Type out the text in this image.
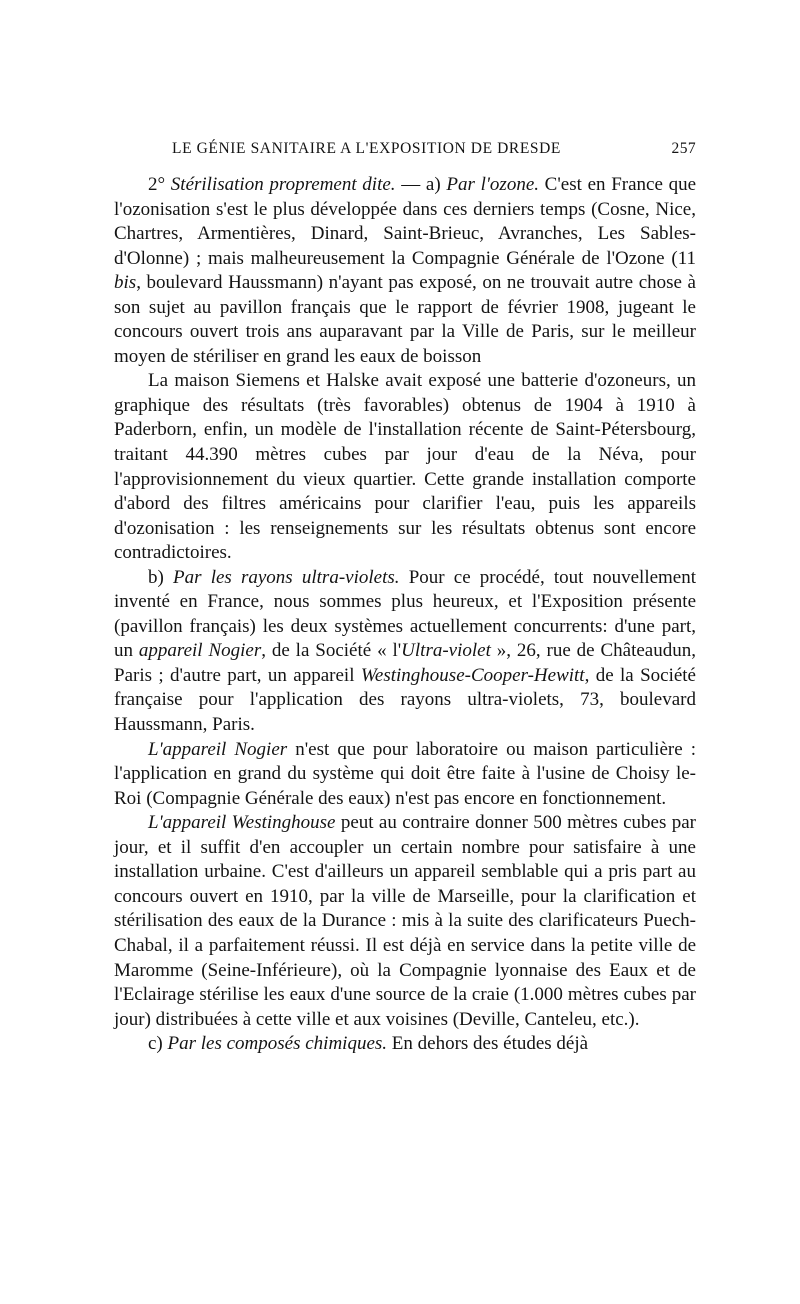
LE GÉNIE SANITAIRE A L'EXPOSITION DE DRESDE	257

2° Stérilisation proprement dite. — a) Par l'ozone. C'est en France que l'ozonisation s'est le plus développée dans ces derniers temps (Cosne, Nice, Chartres, Armentières, Dinard, Saint-Brieuc, Avranches, Les Sables-d'Olonne) ; mais malheureusement la Compagnie Générale de l'Ozone (11 bis, boulevard Haussmann) n'ayant pas exposé, on ne trouvait autre chose à son sujet au pavillon français que le rapport de février 1908, jugeant le concours ouvert trois ans auparavant par la Ville de Paris, sur le meilleur moyen de stériliser en grand les eaux de boisson

La maison Siemens et Halske avait exposé une batterie d'ozoneurs, un graphique des résultats (très favorables) obtenus de 1904 à 1910 à Paderborn, enfin, un modèle de l'installation récente de Saint-Pétersbourg, traitant 44.390 mètres cubes par jour d'eau de la Néva, pour l'approvisionnement du vieux quartier. Cette grande installation comporte d'abord des filtres américains pour clarifier l'eau, puis les appareils d'ozonisation : les renseignements sur les résultats obtenus sont encore contradictoires.

b) Par les rayons ultra-violets. Pour ce procédé, tout nouvellement inventé en France, nous sommes plus heureux, et l'Exposition présente (pavillon français) les deux systèmes actuellement concurrents: d'une part, un appareil Nogier, de la Société « l'Ultra-violet », 26, rue de Châteaudun, Paris ; d'autre part, un appareil Westinghouse-Cooper-Hewitt, de la Société française pour l'application des rayons ultra-violets, 73, boulevard Haussmann, Paris.

L'appareil Nogier n'est que pour laboratoire ou maison particulière : l'application en grand du système qui doit être faite à l'usine de Choisy le-Roi (Compagnie Générale des eaux) n'est pas encore en fonctionnement.

L'appareil Westinghouse peut au contraire donner 500 mètres cubes par jour, et il suffit d'en accoupler un certain nombre pour satisfaire à une installation urbaine. C'est d'ailleurs un appareil semblable qui a pris part au concours ouvert en 1910, par la ville de Marseille, pour la clarification et stérilisation des eaux de la Durance : mis à la suite des clarificateurs Puech-Chabal, il a parfaitement réussi. Il est déjà en service dans la petite ville de Maromme (Seine-Inférieure), où la Compagnie lyonnaise des Eaux et de l'Eclairage stérilise les eaux d'une source de la craie (1.000 mètres cubes par jour) distribuées à cette ville et aux voisines (Deville, Canteleu, etc.).

c) Par les composés chimiques. En dehors des études déjà
